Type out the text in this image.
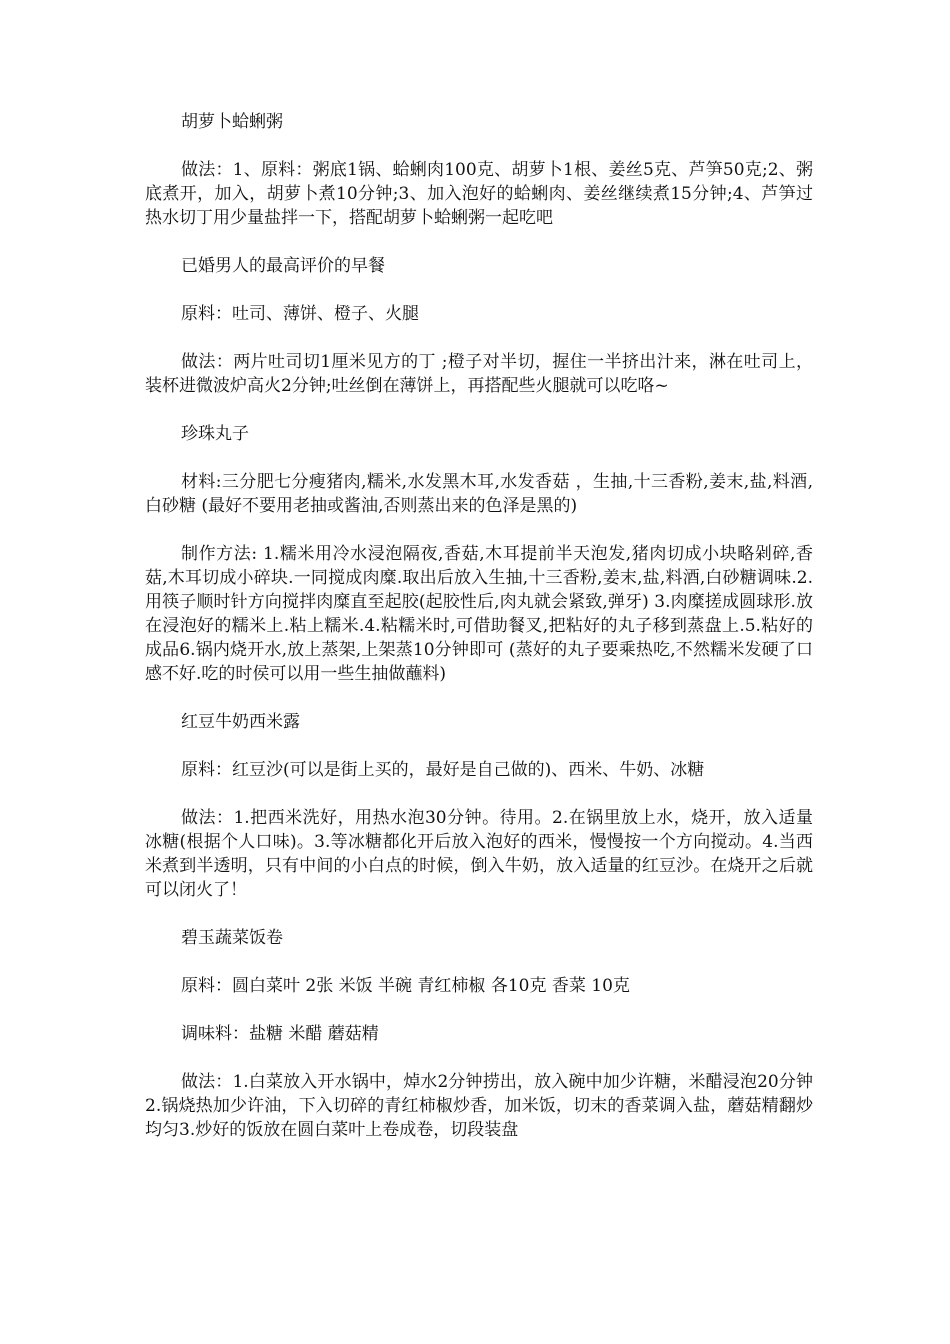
胡萝卜蛤蜊粥

做法：1、原料：粥底1锅、蛤蜊肉100克、胡萝卜1根、姜丝5克、芦笋50克;2、粥底煮开，加入，胡萝卜煮10分钟;3、加入泡好的蛤蜊肉、姜丝继续煮15分钟;4、芦笋过热水切丁用少量盐拌一下，搭配胡萝卜蛤蜊粥一起吃吧

已婚男人的最高评价的早餐

原料：吐司、薄饼、橙子、火腿

做法：两片吐司切1厘米见方的丁 ;橙子对半切，握住一半挤出汁来，淋在吐司上，装杯进微波炉高火2分钟;吐丝倒在薄饼上，再搭配些火腿就可以吃咯~

珍珠丸子

材料:三分肥七分瘦猪肉,糯米,水发黑木耳,水发香菇 ，生抽,十三香粉,姜末,盐,料酒,白砂糖 (最好不要用老抽或酱油,否则蒸出来的色泽是黑的)

制作方法: 1.糯米用冷水浸泡隔夜,香菇,木耳提前半天泡发,猪肉切成小块略剁碎,香菇,木耳切成小碎块.一同搅成肉糜.取出后放入生抽,十三香粉,姜末,盐,料酒,白砂糖调味.2.用筷子顺时针方向搅拌肉糜直至起胶(起胶性后,肉丸就会紧致,弹牙) 3.肉糜搓成圆球形.放在浸泡好的糯米上.粘上糯米.4.粘糯米时,可借助餐叉,把粘好的丸子移到蒸盘上.5.粘好的成品6.锅内烧开水,放上蒸架,上架蒸10分钟即可 (蒸好的丸子要乘热吃,不然糯米发硬了口感不好.吃的时侯可以用一些生抽做蘸料)

红豆牛奶西米露

原料：红豆沙(可以是街上买的，最好是自己做的)、西米、牛奶、冰糖

做法：1.把西米洗好，用热水泡30分钟。待用。2.在锅里放上水，烧开，放入适量冰糖(根据个人口味)。3.等冰糖都化开后放入泡好的西米，慢慢按一个方向搅动。4.当西米煮到半透明，只有中间的小白点的时候，倒入牛奶，放入适量的红豆沙。在烧开之后就可以闭火了！

碧玉蔬菜饭卷

原料：圆白菜叶 2张 米饭 半碗 青红柿椒 各10克 香菜 10克

调味料：盐糖 米醋 蘑菇精

做法：1.白菜放入开水锅中，焯水2分钟捞出，放入碗中加少许糖，米醋浸泡20分钟 2.锅烧热加少许油，下入切碎的青红柿椒炒香，加米饭，切末的香菜调入盐，蘑菇精翻炒均匀3.炒好的饭放在圆白菜叶上卷成卷，切段装盘
